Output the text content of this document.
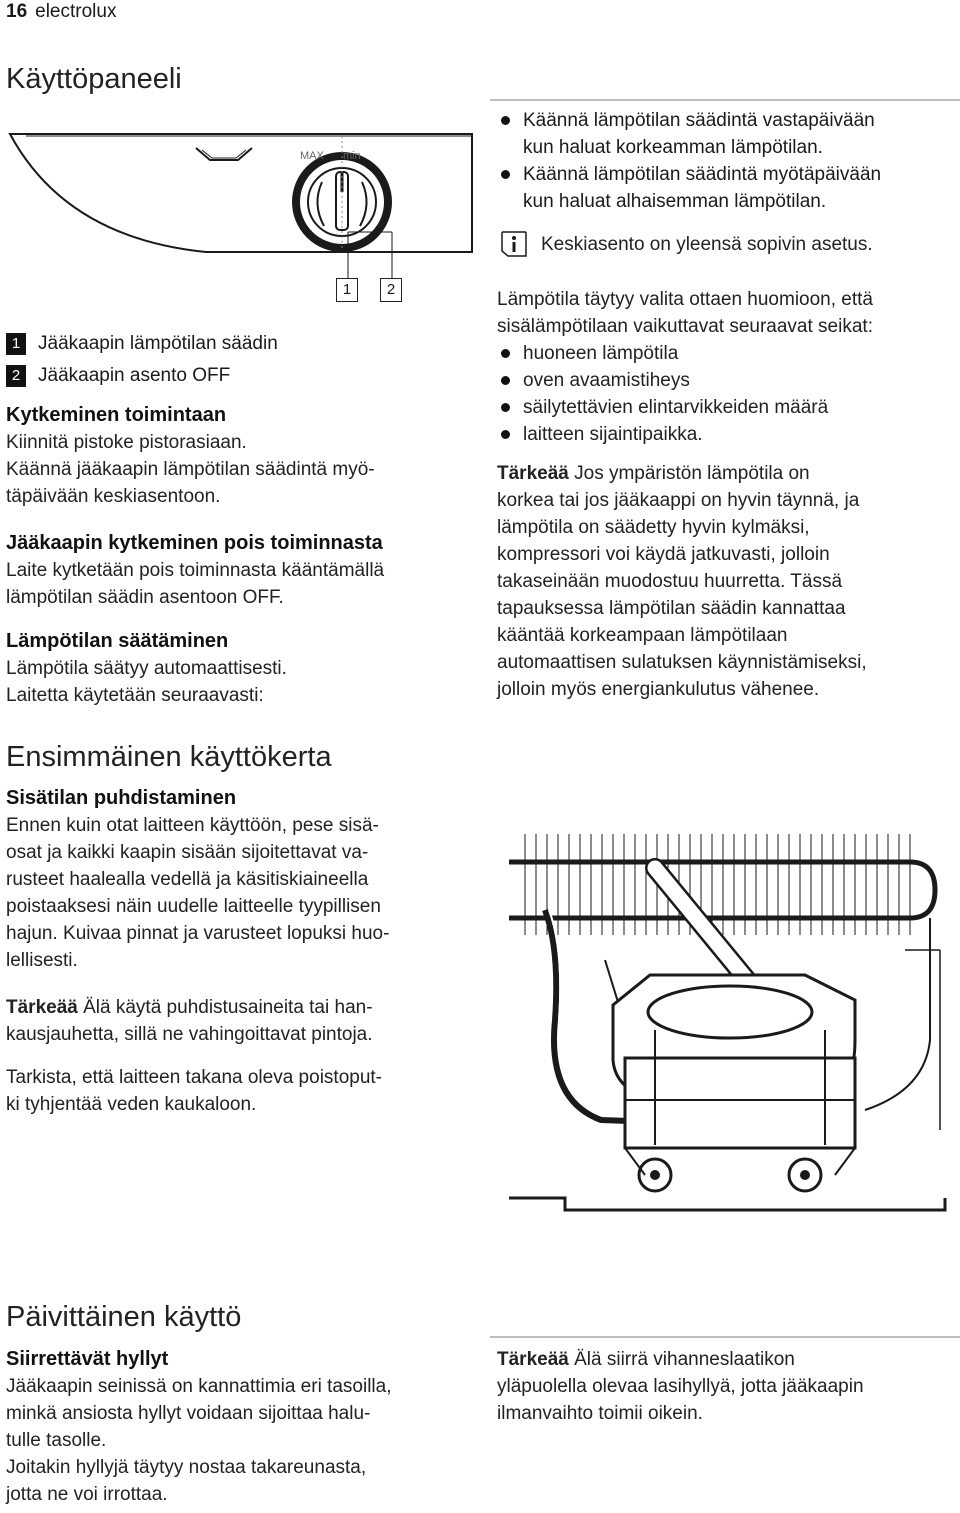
16 electrolux
Käyttöpaneeli
MAX min
1	2
1 Jääkaapin lämpötilan säädin
2 Jääkaapin asento OFF
Kytkeminen toimintaan

Kiinnitä pistoke pistorasiaan.

Käännä jääkaapin lämpötilan säädintä myö-

täpäivään keskiasentoon.

Jääkaapin kytkeminen pois toiminnasta

Laite kytketään pois toiminnasta kääntämällä

lämpötilan säädin asentoon OFF.

Lämpötilan säätäminen

Lämpötila säätyy automaattisesti.

Laitetta käytetään seuraavasti:

Käännä lämpötilan säädintä vastapäivään
kun haluat korkeamman lämpötilan.
Käännä lämpötilan säädintä myötäpäivään
kun haluat alhaisemman lämpötilan.
Keskiasento on yleensä sopivin asetus.

Lämpötila täytyy valita ottaen huomioon, että

sisälämpötilaan vaikuttavat seuraavat seikat:

huoneen lämpötila
oven avaamistiheys
säilytettävien elintarvikkeiden määrä
laitteen sijaintipaikka.

Tärkeää Jos ympäristön lämpötila on

korkea tai jos jääkaappi on hyvin täynnä, ja

lämpötila on säädetty hyvin kylmäksi,

kompressori voi käydä jatkuvasti, jolloin

takaseinään muodostuu huurretta. Tässä

tapauksessa lämpötilan säädin kannattaa

kääntää korkeampaan lämpötilaan

automaattisen sulatuksen käynnistämiseksi,

jolloin myös energiankulutus vähenee.

Ensimmäinen käyttökerta
Sisätilan puhdistaminen

Ennen kuin otat laitteen käyttöön, pese sisä-

osat ja kaikki kaapin sisään sijoitettavat va-

rusteet haalealla vedellä ja käsitiskiaineella

poistaaksesi näin uudelle laitteelle tyypillisen

hajun. Kuivaa pinnat ja varusteet lopuksi huo-

lellisesti.

Tärkeää Älä käytä puhdistusaineita tai han-

kausjauhetta, sillä ne vahingoittavat pintoja.

Tarkista, että laitteen takana oleva poistoput-

ki tyhjentää veden kaukaloon.

Päivittäinen käyttö
Siirrettävät hyllyt

Jääkaapin seinissä on kannattimia eri tasoilla,

minkä ansiosta hyllyt voidaan sijoittaa halu-

tulle tasolle.

Joitakin hyllyjä täytyy nostaa takareunasta,

jotta ne voi irrottaa.

Tärkeää Älä siirrä vihanneslaatikon

yläpuolella olevaa lasihyllyä, jotta jääkaapin

ilmanvaihto toimii oikein.
